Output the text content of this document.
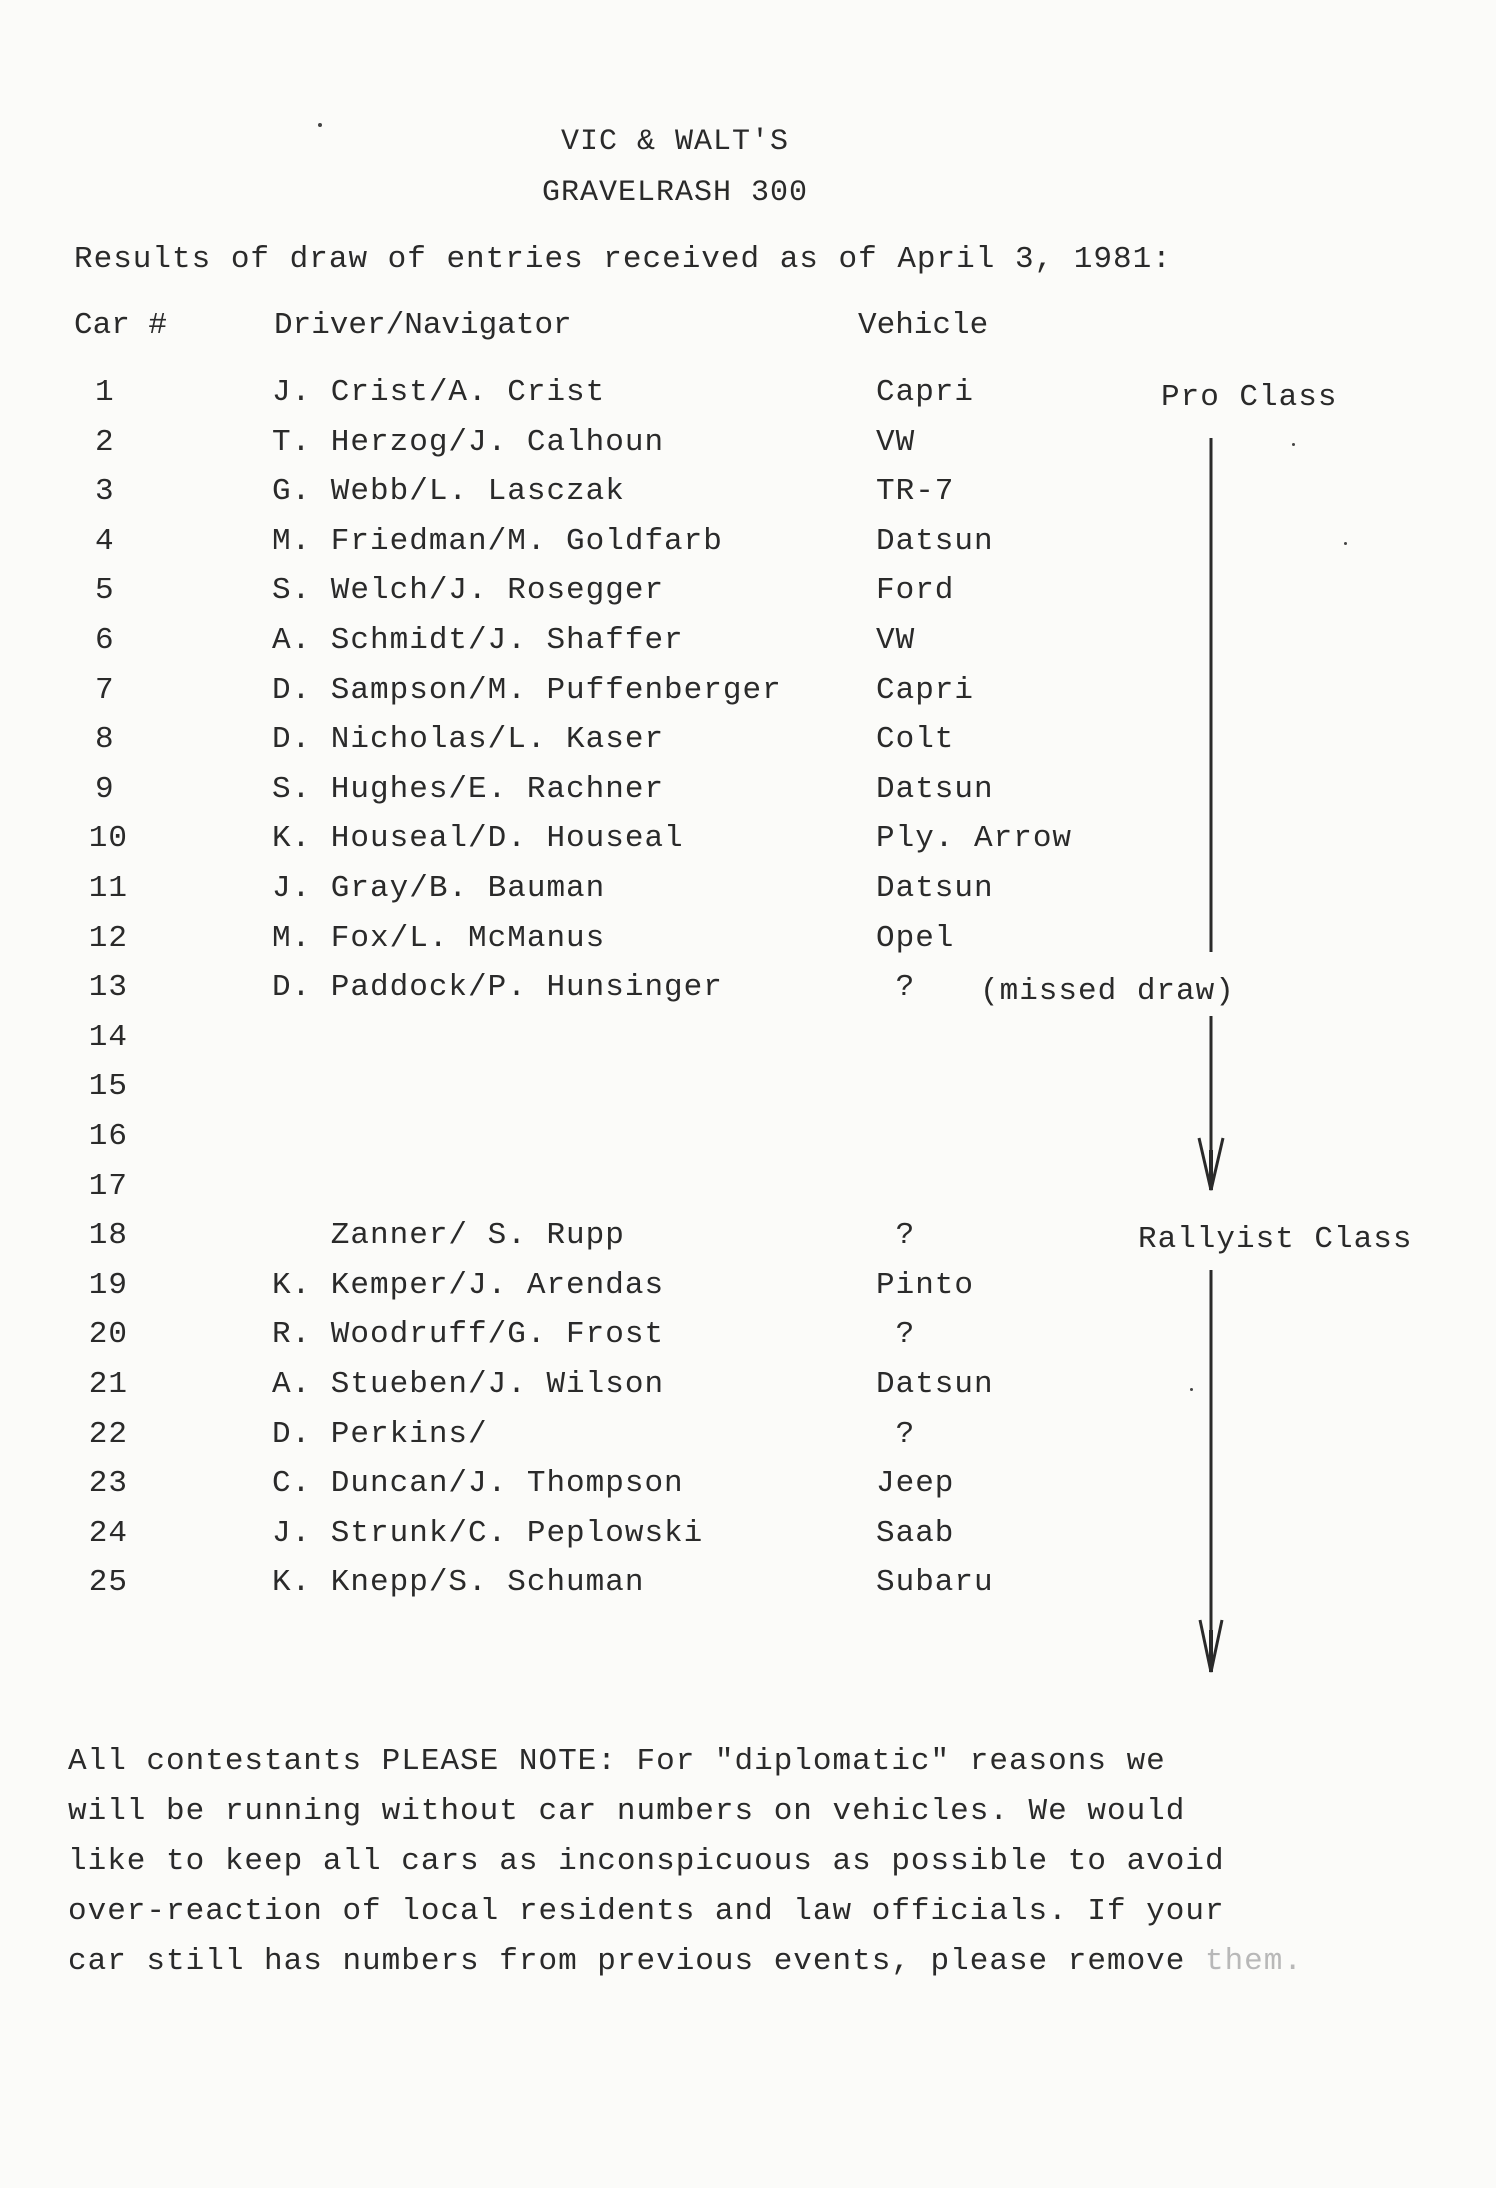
VIC & WALT'S
GRAVELRASH 300
Results of draw of entries received as of April 3, 1981:
Car #	Driver/Navigator	Vehicle
1	J. Crist/A. Crist	Capri
2	T. Herzog/J. Calhoun	VW
3	G. Webb/L. Lasczak	TR-7
4	M. Friedman/M. Goldfarb	Datsun
5	S. Welch/J. Rosegger	Ford
6	A. Schmidt/J. Shaffer	VW
7	D. Sampson/M. Puffenberger	Capri
8	D. Nicholas/L. Kaser	Colt
9	S. Hughes/E. Rachner	Datsun
10	K. Houseal/D. Houseal	Ply. Arrow
11	J. Gray/B. Bauman	Datsun
12	M. Fox/L. McManus	Opel
13	D. Paddock/P. Hunsinger	?
14
15
16
17
18	Zanner/ S. Rupp	?
19	K. Kemper/J. Arendas	Pinto
20	R. Woodruff/G. Frost	?
21	A. Stueben/J. Wilson	Datsun
22	D. Perkins/	?
23	C. Duncan/J. Thompson	Jeep
24	J. Strunk/C. Peplowski	Saab
25	K. Knepp/S. Schuman	Subaru
Pro Class
(missed draw)
Rallyist Class
All contestants PLEASE NOTE: For "diplomatic" reasons we
will be running without car numbers on vehicles. We would
like to keep all cars as inconspicuous as possible to avoid
over-reaction of local residents and law officials. If your
car still has numbers from previous events, please remove them.
